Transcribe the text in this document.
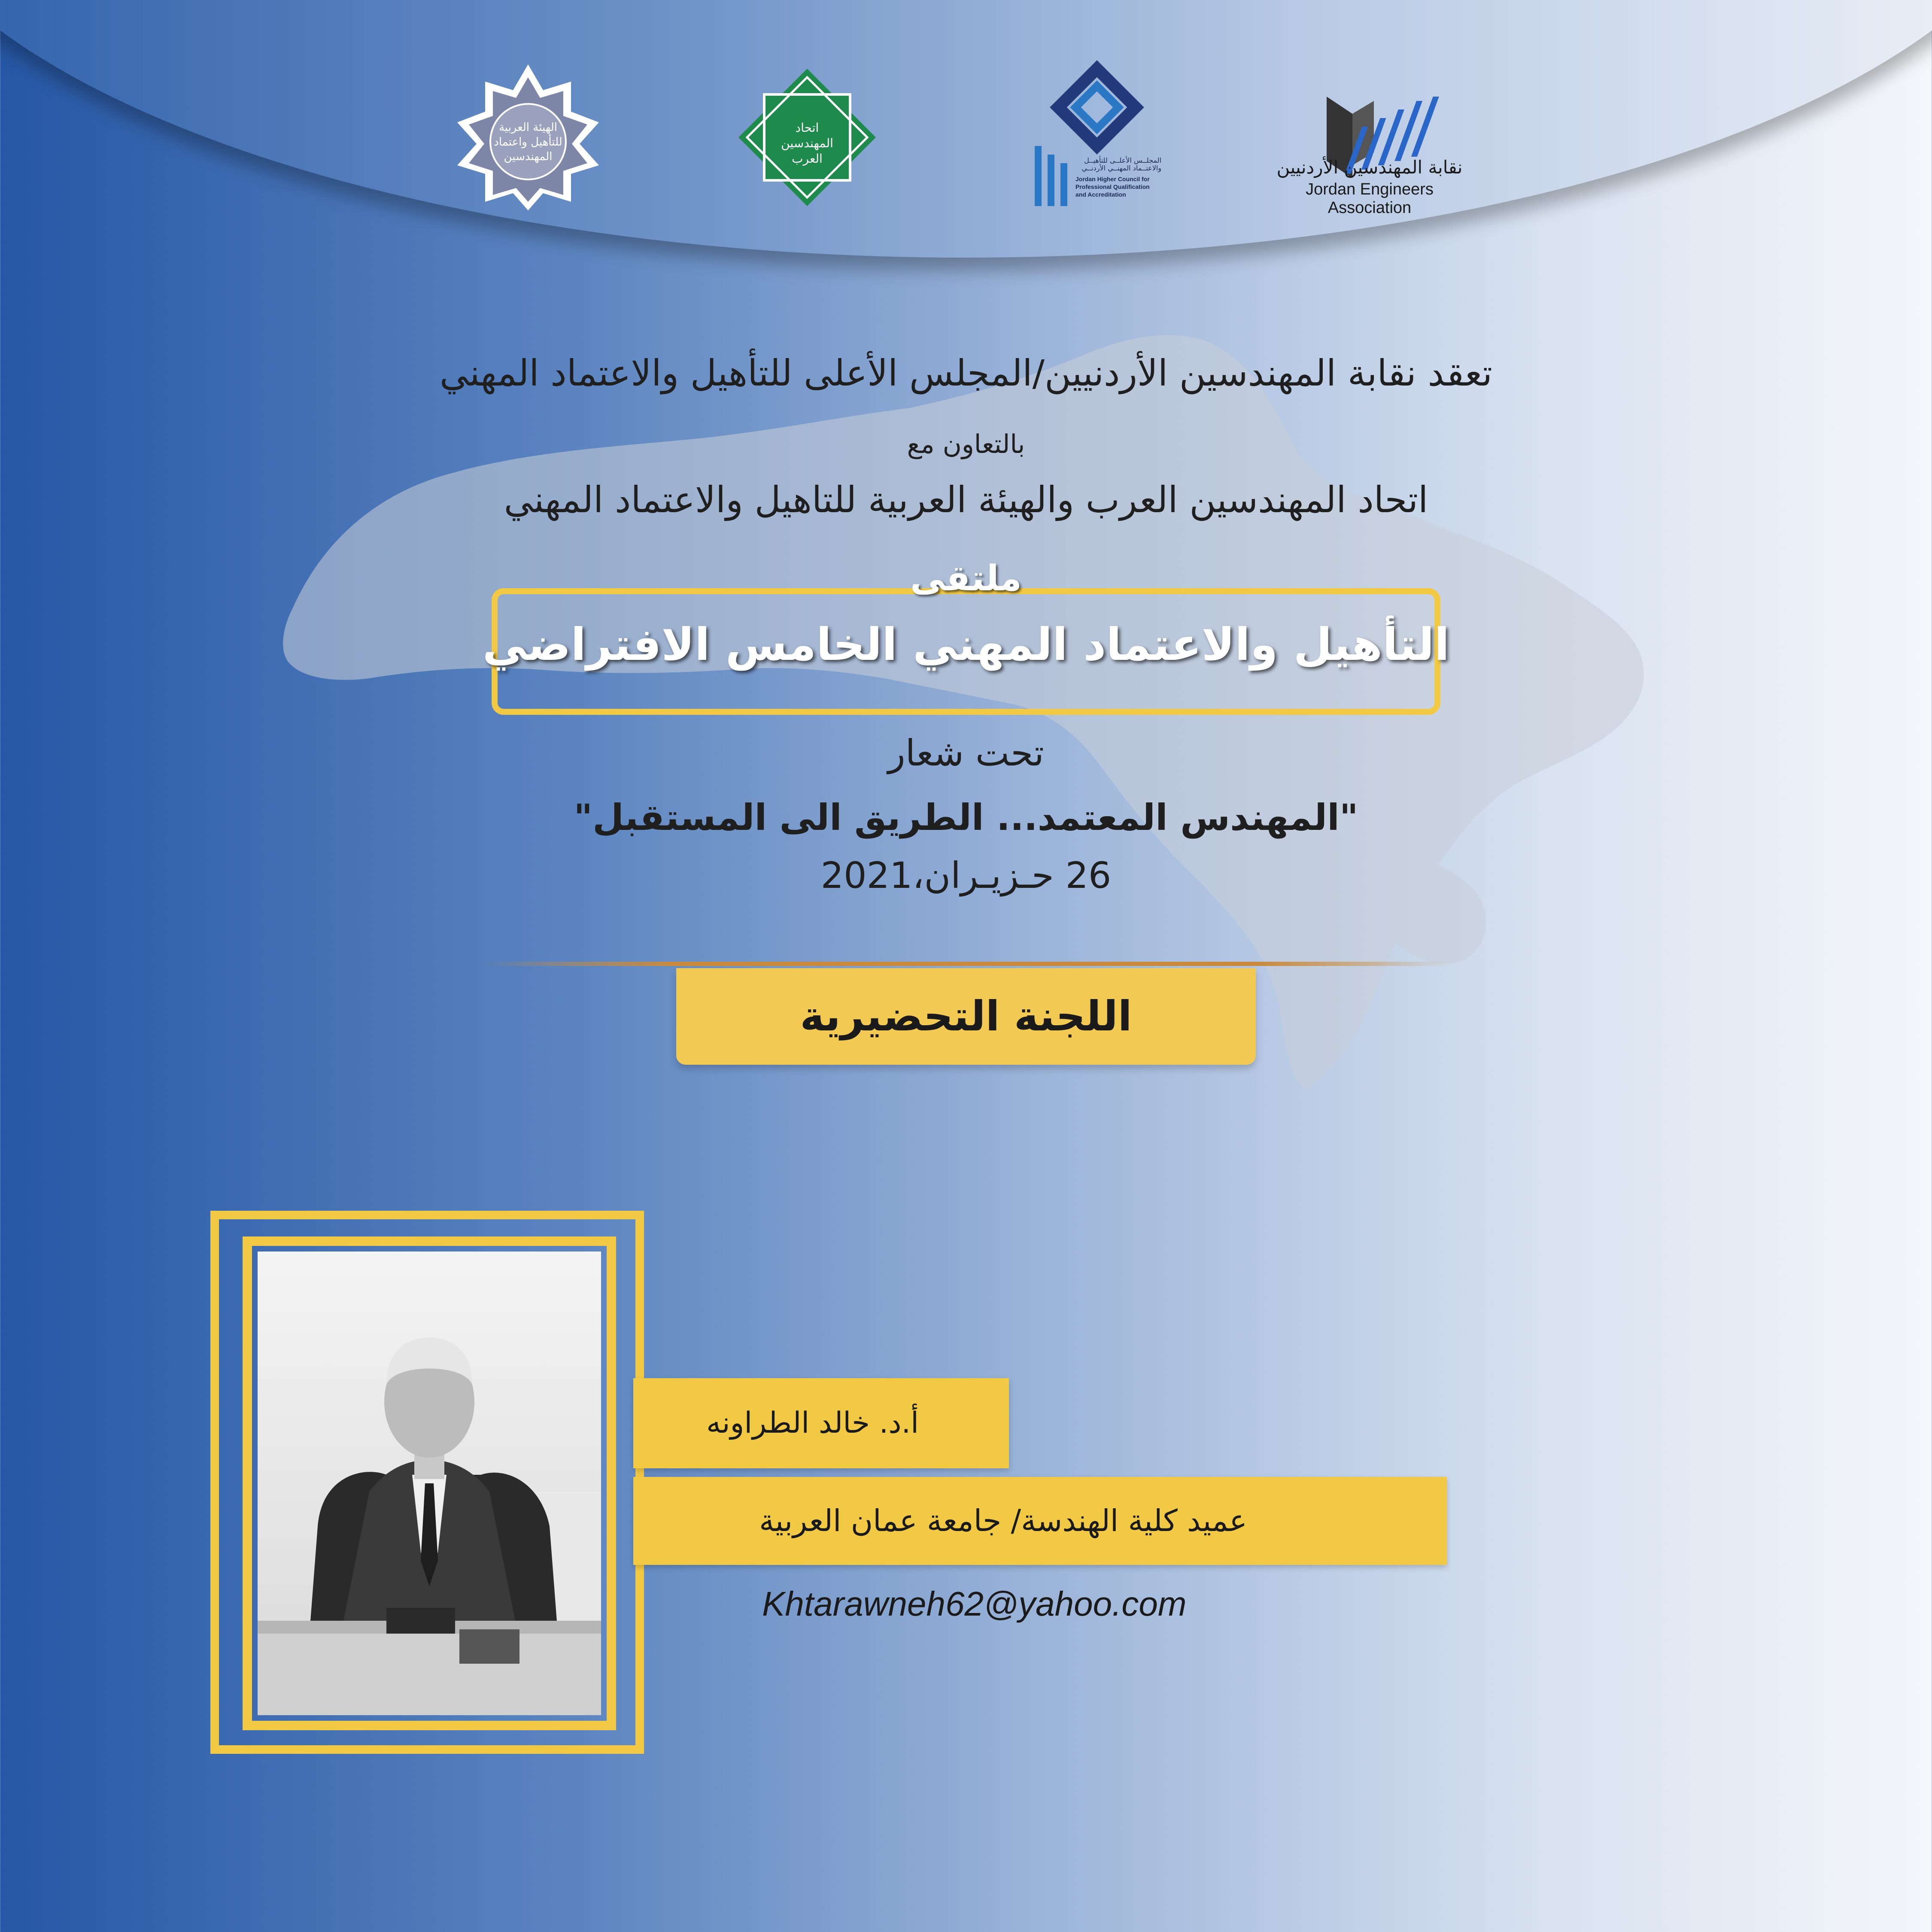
الهيئة العربية للتأهيل واعتماد المهندسين
اتحاد المهندسين العرب	المجلــس الأعلــى للتأهيــل والاعتــماد المهنــي الأردنــي
Jordan Higher Council for Professional Qualification and Accreditation
نقابة المهندسين الأردنيين
Jordan Engineers Association
تعقد نقابة المهندسين الأردنيين/المجلس الأعلى للتأهيل والاعتماد المهني
بالتعاون مع
اتحاد المهندسين العرب والهيئة العربية للتاهيل والاعتماد المهني
ملتقى
التأهيل والاعتماد المهني الخامس الافتراضي
تحت شعار
"المهندس المعتمد... الطريق الى المستقبل"
26 حـزيـران،2021
اللجنة التحضيرية
أ.د. خالد الطراونه
عميد كلية الهندسة/ جامعة عمان العربية
Khtarawneh62@yahoo.com
